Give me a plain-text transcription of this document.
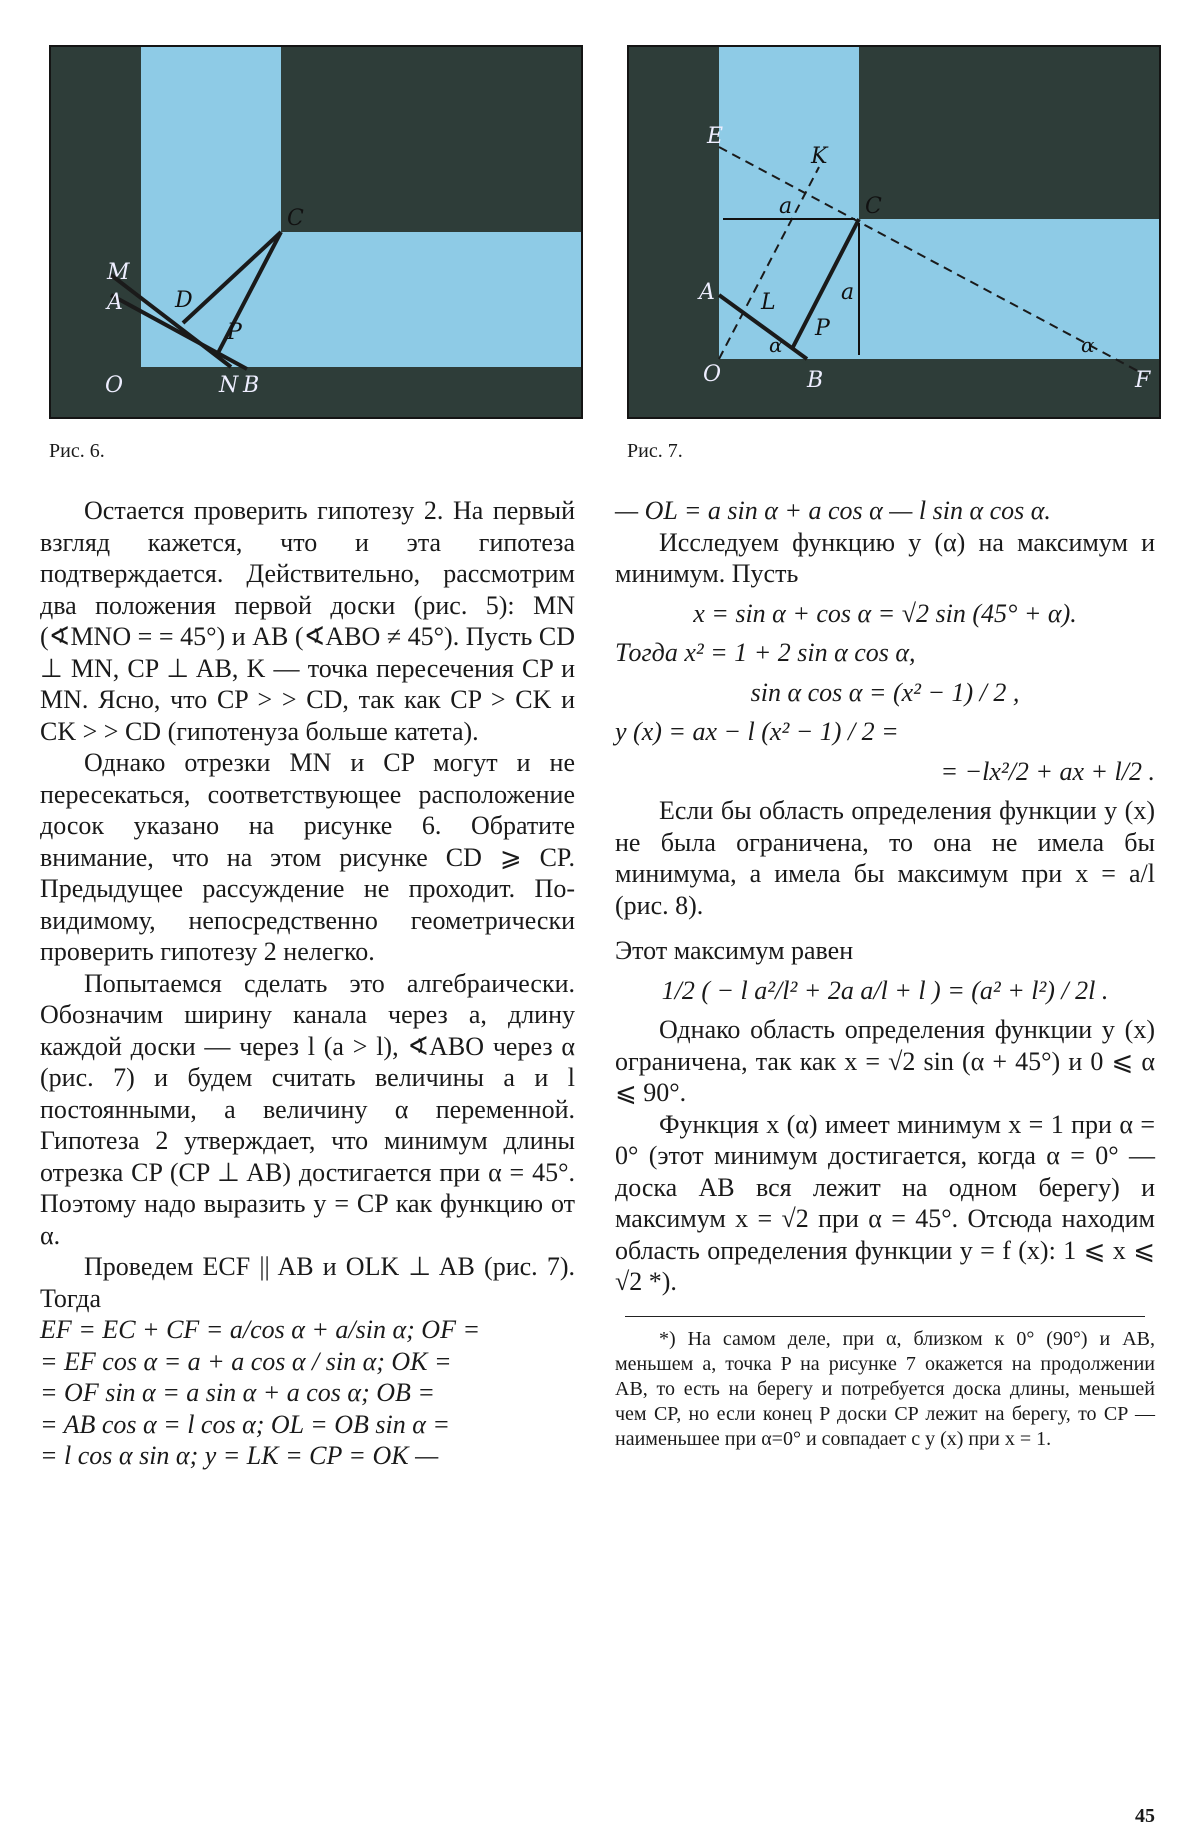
M
A D
C
P
O	N B
Рис. 6.
E
K
a	C
a
A L
P
α	α
O	B	F
Рис. 7.

Остается проверить гипотезу 2. На первый взгляд кажется, что и эта гипотеза подтверждается. Действительно, рассмотрим два положения первой доски (рис. 5): MN (∢MNO = = 45°) и AB (∢ABO ≠ 45°). Пусть CD ⊥ MN, CP ⊥ AB, K — точка пересечения CP и MN. Ясно, что CP > > CD, так как CP > CK и CK > > CD (гипотенуза больше катета).

Однако отрезки MN и CP могут и не пересекаться, соответствующее расположение досок указано на рисунке 6. Обратите внимание, что на этом рисунке CD ⩾ CP. Предыдущее рассуждение не проходит. По-видимому, непосредственно геометрически проверить гипотезу 2 нелегко.

Попытаемся сделать это алгебраически. Обозначим ширину канала через a, длину каждой доски — через l (a > l), ∢ABO через α (рис. 7) и будем считать величины a и l постоянными, а величину α переменной. Гипотеза 2 утверждает, что минимум длины отрезка CP (CP ⊥ AB) достигается при α = 45°. Поэтому надо выразить y = CP как функцию от α.

Проведем ECF || AB и OLK ⊥ AB (рис. 7). Тогда

EF = EC + CF = a/cos α + a/sin α; OF =

= EF cos α = a + a cos α / sin α; OK =

= OF sin α = a sin α + a cos α; OB =

= AB cos α = l cos α; OL = OB sin α =

= l cos α sin α; y = LK = CP = OK —

— OL = a sin α + a cos α — l sin α cos α.

Исследуем функцию y (α) на максимум и минимум. Пусть

x = sin α + cos α = √2 sin (45° + α).

Тогда x² = 1 + 2 sin α cos α,

sin α cos α = (x² − 1) / 2 ,

y (x) = ax − l (x² − 1) / 2 =

= −lx²/2 + ax + l/2 .

Если бы область определения функции y (x) не была ограничена, то она не имела бы минимума, а имела бы максимум при x = a/l (рис. 8).

Этот максимум равен

1/2 ( − l a²/l² + 2a a/l + l ) = (a² + l²) / 2l .

Однако область определения функции y (x) ограничена, так как x = √2 sin (α + 45°) и 0 ⩽ α ⩽ 90°.

Функция x (α) имеет минимум x = 1 при α = 0° (этот минимум достигается, когда α = 0° — доска AB вся лежит на одном берегу) и максимум x = √2 при α = 45°. Отсюда находим область определения функции y = f (x): 1 ⩽ x ⩽ √2 *).

*) На самом деле, при α, близком к 0° (90°) и AB, меньшем a, точка P на рисунке 7 окажется на продолжении AB, то есть на берегу и потребуется доска длины, меньшей чем CP, но если конец P доски CP лежит на берегу, то CP — наименьшее при α=0° и совпадает с y (x) при x = 1.

45
